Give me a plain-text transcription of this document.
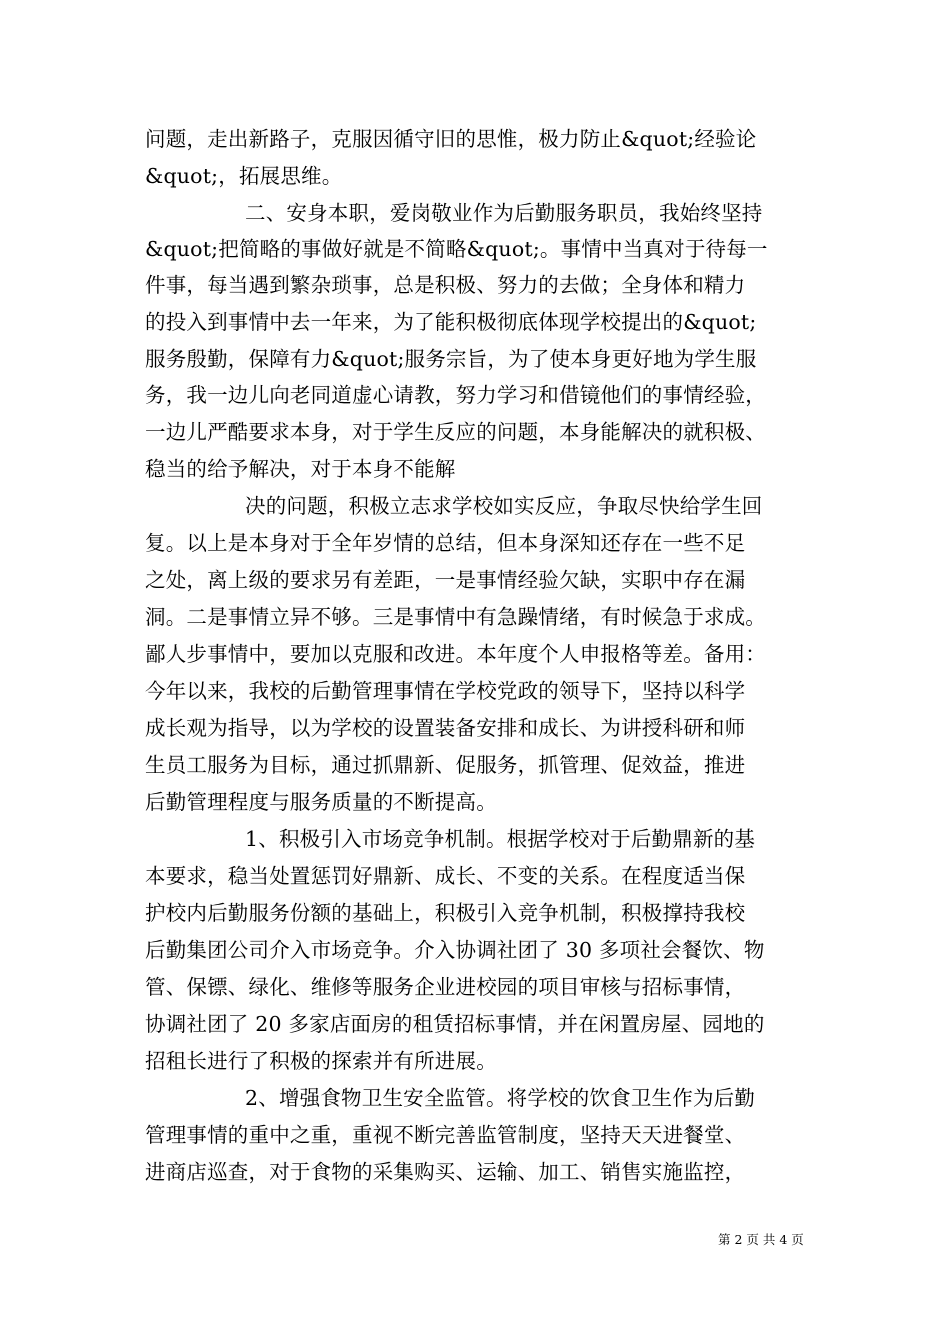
问题，走出新路子，克服因循守旧的思惟，极力防止&quot;经验论
&quot;，拓展思维。
二、安身本职，爱岗敬业作为后勤服务职员，我始终坚持
&quot;把简略的事做好就是不简略&quot;。事情中当真对于待每一
件事，每当遇到繁杂琐事，总是积极、努力的去做；全身体和精力
的投入到事情中去一年来，为了能积极彻底体现学校提出的&quot;
服务殷勤，保障有力&quot;服务宗旨，为了使本身更好地为学生服
务，我一边儿向老同道虚心请教，努力学习和借镜他们的事情经验，
一边儿严酷要求本身，对于学生反应的问题，本身能解决的就积极、
稳当的给予解决，对于本身不能解
决的问题，积极立志求学校如实反应，争取尽快给学生回
复。以上是本身对于全年岁情的总结，但本身深知还存在一些不足
之处，离上级的要求另有差距，一是事情经验欠缺，实职中存在漏
洞。二是事情立异不够。三是事情中有急躁情绪，有时候急于求成。
鄙人步事情中，要加以克服和改进。本年度个人申报格等差。备用：
今年以来，我校的后勤管理事情在学校党政的领导下，坚持以科学
成长观为指导，以为学校的设置装备安排和成长、为讲授科研和师
生员工服务为目标，通过抓鼎新、促服务，抓管理、促效益，推进
后勤管理程度与服务质量的不断提高。
1、积极引入市场竞争机制。根据学校对于后勤鼎新的基
本要求，稳当处置惩罚好鼎新、成长、不变的关系。在程度适当保
护校内后勤服务份额的基础上，积极引入竞争机制，积极撑持我校
后勤集团公司介入市场竞争。介入协调社团了 30 多项社会餐饮、物
管、保镖、绿化、维修等服务企业进校园的项目审核与招标事情，
协调社团了 20 多家店面房的租赁招标事情，并在闲置房屋、园地的
招租长进行了积极的探索并有所进展。
2、增强食物卫生安全监管。将学校的饮食卫生作为后勤
管理事情的重中之重，重视不断完善监管制度，坚持天天进餐堂、
进商店巡查，对于食物的采集购买、运输、加工、销售实施监控，
第 2 页 共 4 页
